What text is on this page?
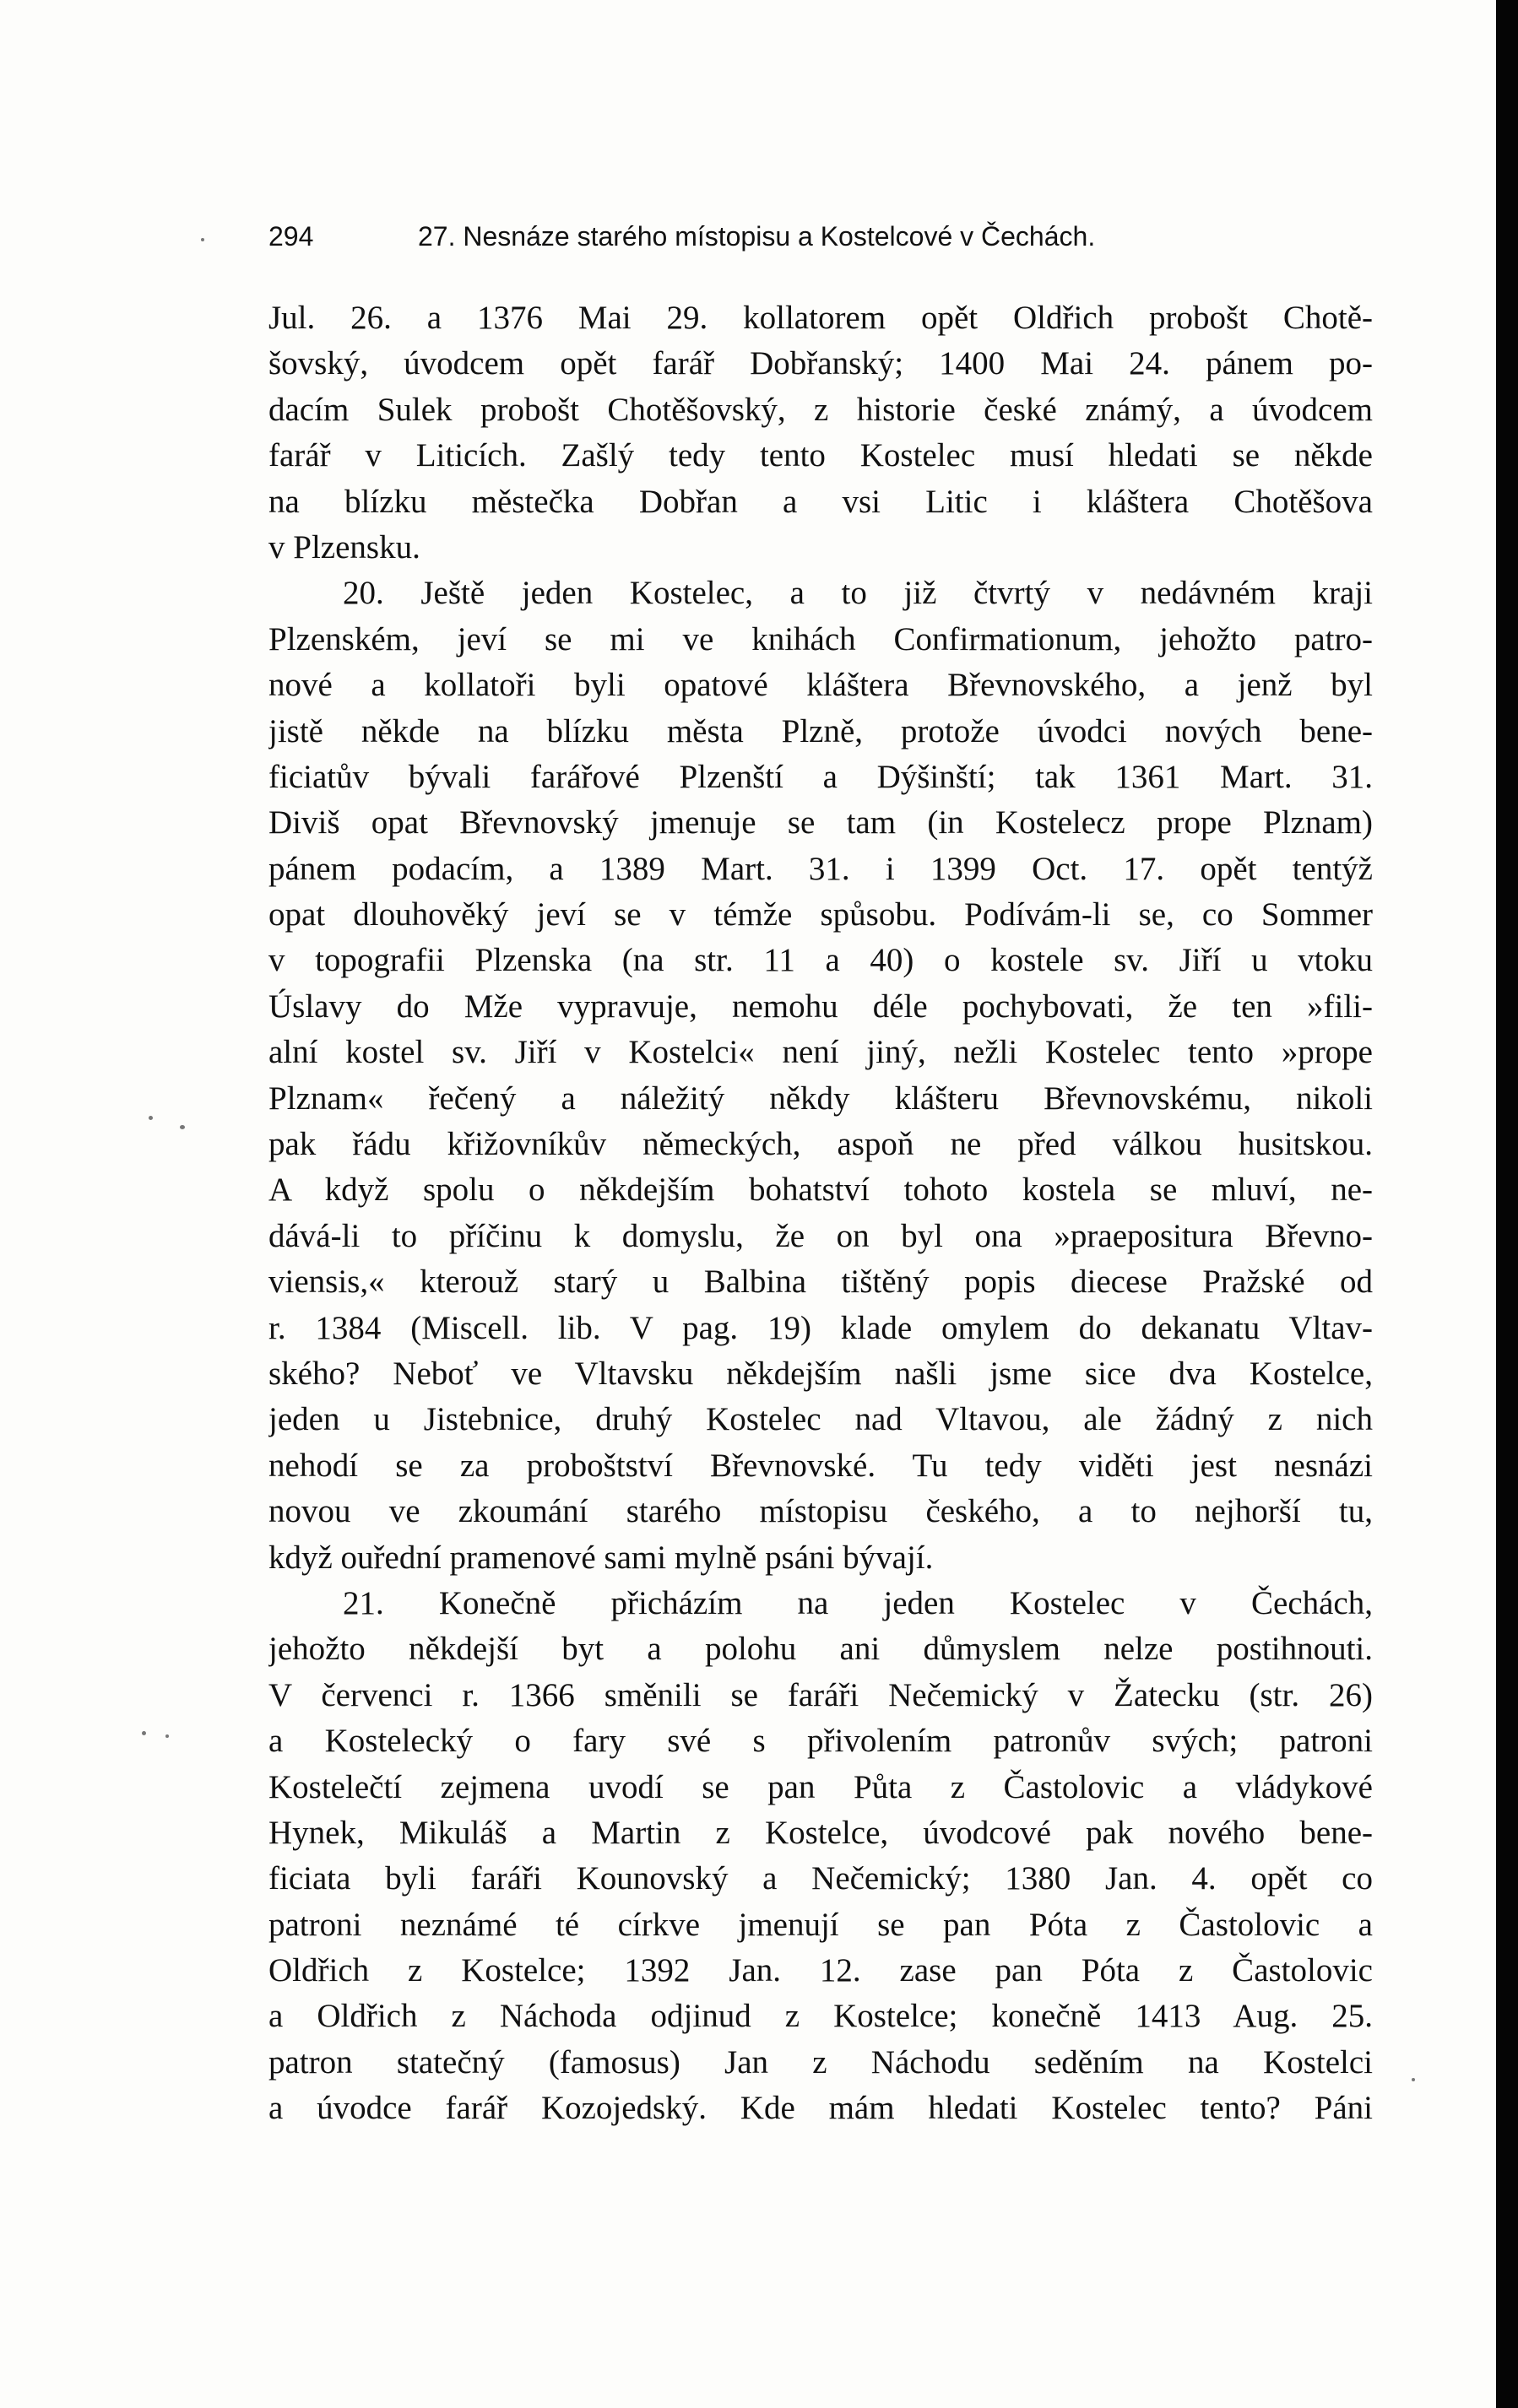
294	27. Nesnáze starého místopisu a Kostelcové v Čechách.
Jul. 26. a 1376 Mai 29. kollatorem opět Oldřich probošt Chotě-
šovský, úvodcem opět farář Dobřanský; 1400 Mai 24. pánem po-
dacím Sulek probošt Chotěšovský, z historie české známý, a úvodcem
farář v Liticích. Zašlý tedy tento Kostelec musí hledati se někde
na blízku městečka Dobřan a vsi Litic i kláštera Chotěšova
v Plzensku.
20. Ještě jeden Kostelec, a to již čtvrtý v nedávném kraji
Plzenském, jeví se mi ve knihách Confirmationum, jehožto patro-
nové a kollatoři byli opatové kláštera Břevnovského, a jenž byl
jistě někde na blízku města Plzně, protože úvodci nových bene-
ficiatův bývali farářové Plzenští a Dýšinští; tak 1361 Mart. 31.
Diviš opat Břevnovský jmenuje se tam (in Kostelecz prope Plznam)
pánem podacím, a 1389 Mart. 31. i 1399 Oct. 17. opět tentýž
opat dlouhověký jeví se v témže spůsobu. Podívám-li se, co Sommer
v topografii Plzenska (na str. 11 a 40) o kostele sv. Jiří u vtoku
Úslavy do Mže vypravuje, nemohu déle pochybovati, že ten »fili-
alní kostel sv. Jiří v Kostelci« není jiný, nežli Kostelec tento »prope
Plznam« řečený a náležitý někdy klášteru Břevnovskému, nikoli
pak řádu křižovníkův německých, aspoň ne před válkou husitskou.
A když spolu o někdejším bohatství tohoto kostela se mluví, ne-
dává-li to příčinu k domyslu, že on byl ona »praepositura Břevno-
viensis,« kterouž starý u Balbina tištěný popis diecese Pražské od
r. 1384 (Miscell. lib. V pag. 19) klade omylem do dekanatu Vltav-
ského? Neboť ve Vltavsku někdejším našli jsme sice dva Kostelce,
jeden u Jistebnice, druhý Kostelec nad Vltavou, ale žádný z nich
nehodí se za proboštství Břevnovské. Tu tedy viděti jest nesnázi
novou ve zkoumání starého místopisu českého, a to nejhorší tu,
když ouřední pramenové sami mylně psáni bývají.
21. Konečně přicházím na jeden Kostelec v Čechách,
jehožto někdejší byt a polohu ani důmyslem nelze postihnouti.
V červenci r. 1366 směnili se faráři Nečemický v Žatecku (str. 26)
a Kostelecký o fary své s přivolením patronův svých; patroni
Kostelečtí zejmena uvodí se pan Půta z Častolovic a vládykové
Hynek, Mikuláš a Martin z Kostelce, úvodcové pak nového bene-
ficiata byli faráři Kounovský a Nečemický; 1380 Jan. 4. opět co
patroni neznámé té církve jmenují se pan Póta z Častolovic a
Oldřich z Kostelce; 1392 Jan. 12. zase pan Póta z Častolovic
a Oldřich z Náchoda odjinud z Kostelce; konečně 1413 Aug. 25.
patron statečný (famosus) Jan z Náchodu seděním na Kostelci
a úvodce farář Kozojedský. Kde mám hledati Kostelec tento? Páni
